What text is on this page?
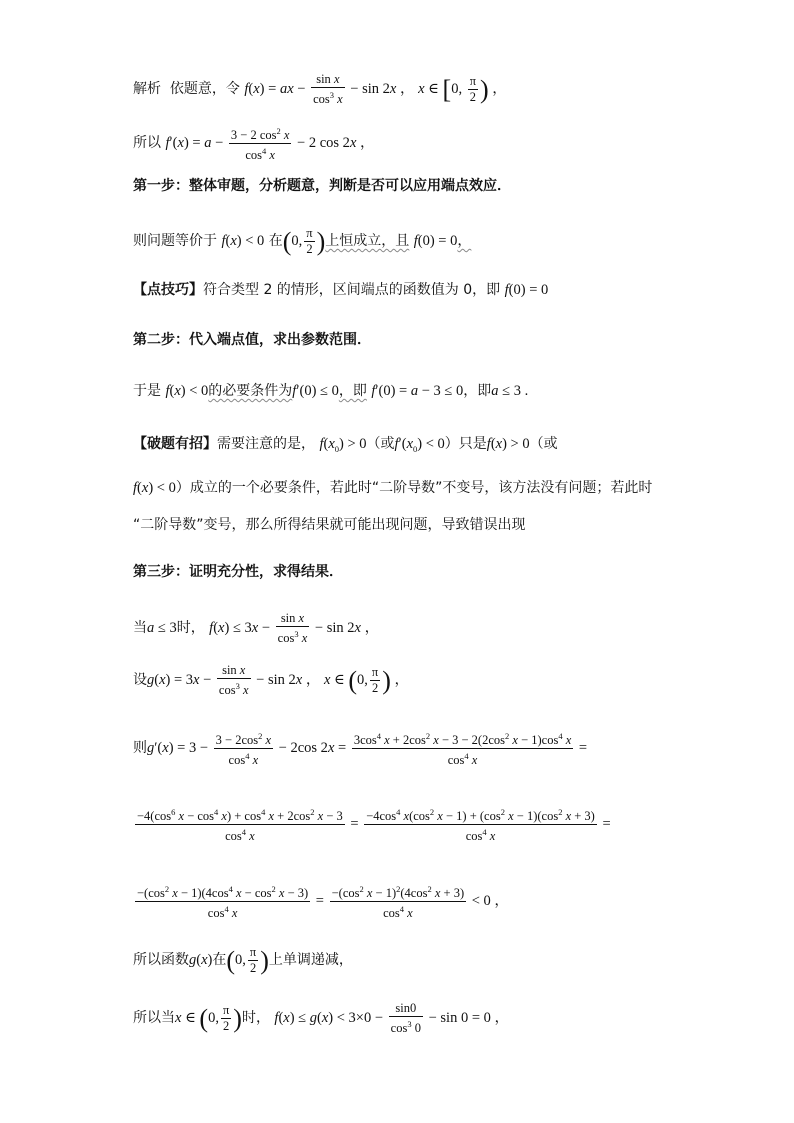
解析 依题意，令 f(x) = ax − $\frac{\text{sin x}}{\cos^3 x} - \sin 2x$ ， x ∈ [0, $\frac{\pi}{2}$ ) ，
所以 $f'(x) = a - \frac{3 - 2 \cos^2 x}{\cos^4 x} - 2$ cos 2x ，
第一步：整体审题，分析题意，判断是否可以应用端点效应．
则问题等价于 f(x) < 0 在(0, $\frac{\pi}{2}$ )上恒成立，且 f(0) = 0，
【点技巧】符合类型 2 的情形，区间端点的函数值为 0，即 f(0) = 0
第二步：代入端点值，求出参数范围．
于是 f(x) < 0的必要条件为f′(0) ≤ 0，即 f′(0) = a − 3 ≤ 0，即a ≤ 3 .
【破题有招】需要注意的是， $f(x_0) > 0$（或$f'(x_0) < 0$）只是f(x) > 0（或
f(x) < 0）成立的一个必要条件，若此时“二阶导数”不变号，该方法没有问题；若此时
“二阶导数”变号，那么所得结果就可能出现问题，导致错误出现
第三步：证明充分性，求得结果．
当a ≤ 3时， $f(x) \le 3x - \frac{\text{sin x}}{\cos^3 x} - \sin 2x$ ，
设$g(x) = 3x - \frac{\text{sin x}}{\cos^3 x} - \sin 2x$ ， x ∈ (0, $\frac{\pi}{2}$ ) ，
则$g'(x) = 3 - \frac{3 - 2\cos^2 x}{\cos^4 x} - 2\cos$ $2x = \frac{3\cos^4 x + 2\cos^2 x - 3 - 2(2\cos^2 x - 1)\cos^4 x}{\cos^4 x}$ =
$\frac{-4(\cos^6 x - \cos^4 x) + \cos^4 x + 2\cos^2 x - 3}{\cos^4 x} = \frac{-4\cos^4 x(\cos^2 x - 1) + (\cos^2 x - 1)(\cos^2 x + 3)}{\cos^4 x}$ =
$\frac{-(\cos^2 x - 1)(4\cos^4 x - \cos^2 x - 3)}{\cos^4 x} = \frac{-(\cos^2 x - 1)^2(4\cos^2 x + 3)}{\cos^4 x} < 0$ ，
所以函数g(x)在(0, $\frac{\pi}{2}$ )上单调递减，
所以当x ∈ (0, $\frac{\pi}{2}$ )时， $f(x) \le g(x) < 3\times 0 - \frac{\sin 0}{\cos^3 0} - \sin 0 = 0$ ，
